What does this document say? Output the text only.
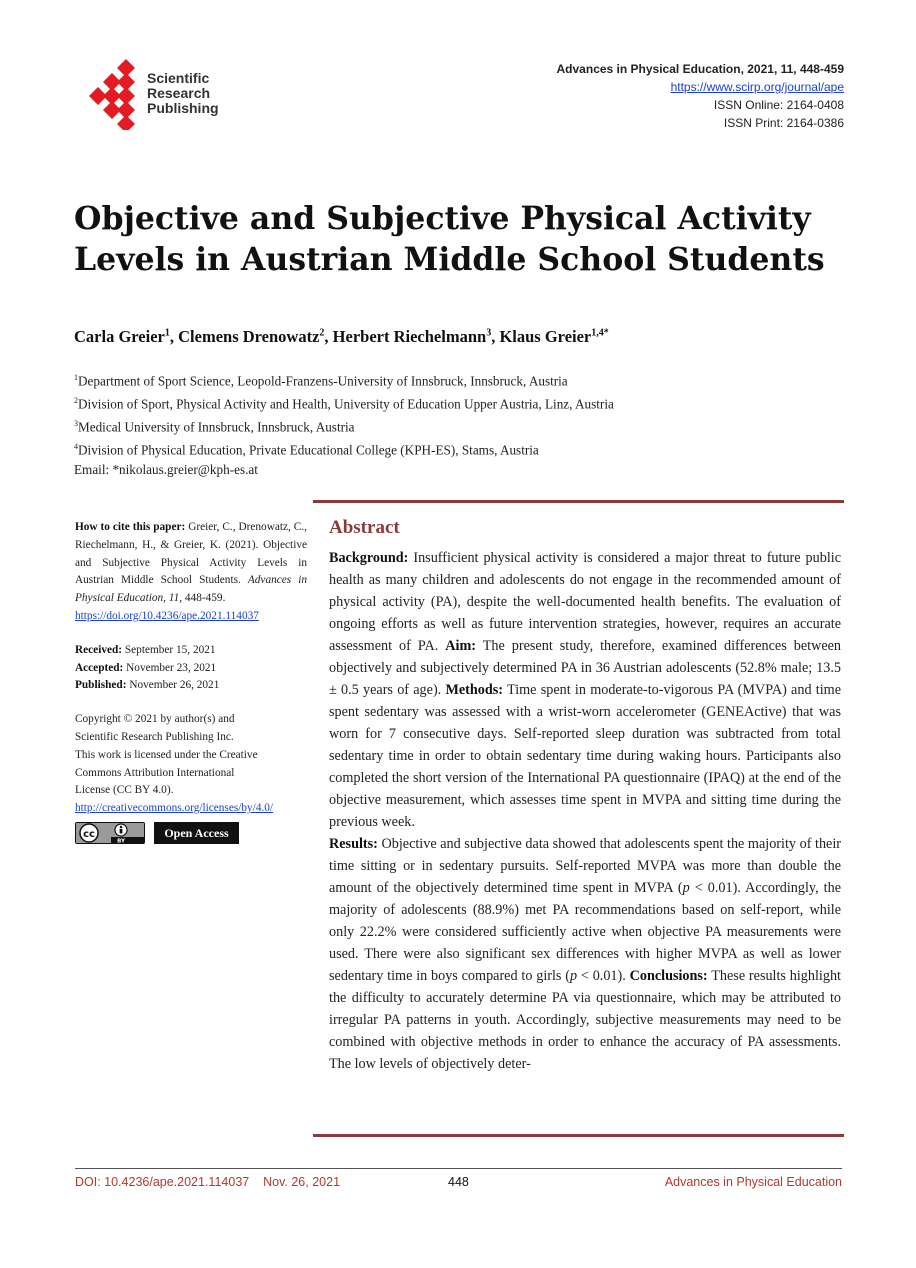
Scientific
Research
Publishing
Advances in Physical Education, 2021, 11, 448-459
https://www.scirp.org/journal/ape
ISSN Online: 2164-0408
ISSN Print: 2164-0386
Objective and Subjective Physical Activity
Levels in Austrian Middle School Students
Carla Greier$^1$, Clemens Drenowatz$^2$, Herbert Riechelmann$^3$, Klaus Greier$^{1,4*}$
$^1$Department of Sport Science, Leopold-Franzens-University of Innsbruck, Innsbruck, Austria
$^2$Division of Sport, Physical Activity and Health, University of Education Upper Austria, Linz, Austria
$^3$Medical University of Innsbruck, Innsbruck, Austria
$^4$Division of Physical Education, Private Educational College (KPH-ES), Stams, Austria
Email: *nikolaus.greier@kph-es.at
How to cite this paper: Greier, C., Drenowatz, C., Riechelmann, H., & Greier, K. (2021). Objective and Subjective Physical Activity Levels in Austrian Middle School Students. Advances in Physical Education, 11, 448-459.
https://doi.org/10.4236/ape.2021.114037
Received: September 15, 2021
Accepted: November 23, 2021
Published: November 26, 2021
Copyright © 2021 by author(s) and
Scientific Research Publishing Inc.
This work is licensed under the Creative
Commons Attribution International
License (CC BY 4.0).
http://creativecommons.org/licenses/by/4.0/
cc
BY
Open Access
Abstract
Background: Insufficient physical activity is considered a major threat to future public health as many children and adolescents do not engage in the recommended amount of physical activity (PA), despite the well-documented health benefits. The evaluation of ongoing efforts as well as future intervention strategies, however, requires an accurate assessment of PA. Aim: The present study, therefore, examined differences between objectively and subjectively determined PA in 36 Austrian adolescents (52.8% male; 13.5 ± 0.5 years of age). Methods: Time spent in moderate-to-vigorous PA (MVPA) and time spent sedentary was assessed with a wrist-worn accelerometer (GENEActive) that was worn for 7 consecutive days. Self-reported sleep duration was subtracted from total sedentary time in order to obtain sedentary time during waking hours. Participants also completed the short version of the International PA questionnaire (IPAQ) at the end of the objective measurement, which assesses time spent in MVPA and sitting time during the previous week.
Results: Objective and subjective data showed that adolescents spent the majority of their time sitting or in sedentary pursuits. Self-reported MVPA was more than double the amount of the objectively determined time spent in MVPA (p < 0.01). Accordingly, the majority of adolescents (88.9%) met PA recommendations based on self-report, while only 22.2% were considered sufficiently active when objective PA measurements were used. There were also significant sex differences with higher MVPA as well as lower sedentary time in boys compared to girls (p < 0.01). Conclusions: These results highlight the difficulty to accurately determine PA via questionnaire, which may be attributed to irregular PA patterns in youth. Accordingly, subjective measurements may need to be combined with objective methods in order to enhance the accuracy of PA assessments. The low levels of objectively deter-
DOI: 10.4236/ape.2021.114037    Nov. 26, 2021	448	Advances in Physical Education
